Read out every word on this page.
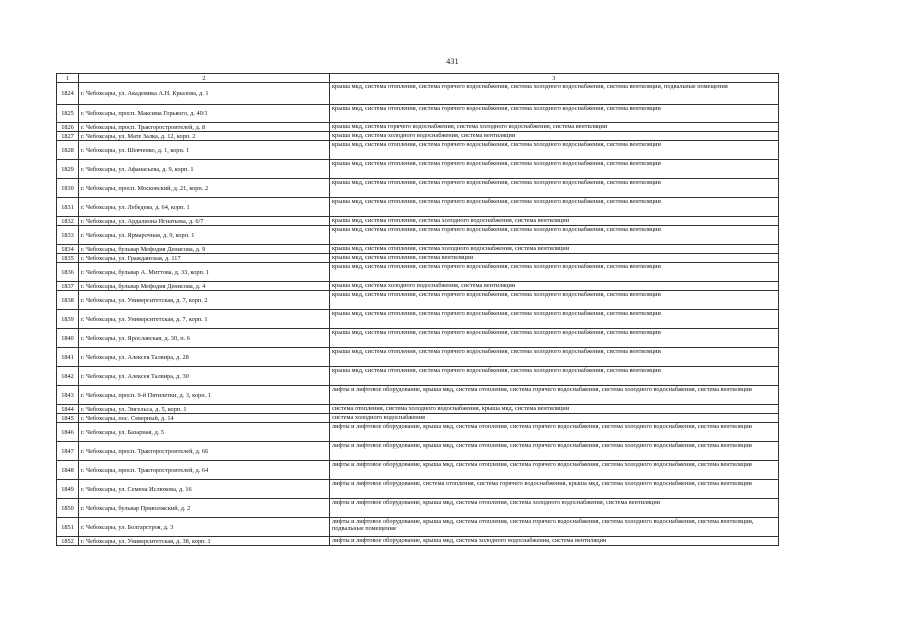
431
1	2	3
1824	г. Чебоксары, ул. Академика А.Н. Крылова, д. 1	крыша мкд, система отопления, система горячего водоснабжения, система холодного водоснабжения, система вентиляции, подвальные помещения
1825	г. Чебоксары, просп. Максима Горького, д. 40/1	крыша мкд, система отопления, система горячего водоснабжения, система холодного водоснабжения, система вентиляции
1826	г. Чебоксары, просп. Тракторостроителей, д. 8	крыша мкд, система горячего водоснабжения, система холодного водоснабжения, система вентиляции
1827	г. Чебоксары, ул. Мате Залка, д. 12, корп. 2	крыша мкд, система холодного водоснабжения, система вентиляции
1828	г. Чебоксары, ул. Шевченко, д. 1, корп. 1	крыша мкд, система отопления, система горячего водоснабжения, система холодного водоснабжения, система вентиляции
1829	г. Чебоксары, ул. Афанасьева, д. 9, корп. 1	крыша мкд, система отопления, система горячего водоснабжения, система холодного водоснабжения, система вентиляции
1830	г. Чебоксары, просп. Московский, д. 21, корп. 2	крыша мкд, система отопления, система горячего водоснабжения, система холодного водоснабжения, система вентиляции
1831	г. Чебоксары, ул. Лебедева, д. 64, корп. 1	крыша мкд, система отопления, система горячего водоснабжения, система холодного водоснабжения, система вентиляции
1832	г. Чебоксары, ул. Ардалиона Игнатьева, д. 6/7	крыша мкд, система отопления, система холодного водоснабжения, система вентиляции
1833	г. Чебоксары, ул. Ярмарочная, д. 9, корп. 1	крыша мкд, система отопления, система горячего водоснабжения, система холодного водоснабжения, система вентиляции
1834	г. Чебоксары, бульвар Мефодия Денисова, д. 9	крыша мкд, система отопления, система холодного водоснабжения, система вентиляции
1835	г. Чебоксары, ул. Гражданская, д. 117	крыша мкд, система отопления, система вентиляции
1836	г. Чебоксары, бульвар А. Миттова, д. 33, корп. 1	крыша мкд, система отопления, система горячего водоснабжения, система холодного водоснабжения, система вентиляции
1837	г. Чебоксары, бульвар Мефодия Денисова, д. 4	крыша мкд, система холодного водоснабжения, система вентиляции
1838	г. Чебоксары, ул. Университетская, д. 7, корп. 2	крыша мкд, система отопления, система горячего водоснабжения, система холодного водоснабжения, система вентиляции
1839	г. Чебоксары, ул. Университетская, д. 7, корп. 1	крыша мкд, система отопления, система горячего водоснабжения, система холодного водоснабжения, система вентиляции
1840	г. Чебоксары, ул. Ярославская, д. 30, п. 6	крыша мкд, система отопления, система горячего водоснабжения, система холодного водоснабжения, система вентиляции
1841	г. Чебоксары, ул. Алексея Талвира, д. 28	крыша мкд, система отопления, система горячего водоснабжения, система холодного водоснабжения, система вентиляции
1842	г. Чебоксары, ул. Алексея Талвира, д. 30	крыша мкд, система отопления, система горячего водоснабжения, система холодного водоснабжения, система вентиляции
1843	г. Чебоксары, просп. 9-й Пятилетки, д. 3, корп. 1	лифты и лифтовое оборудование, крыша мкд, система отопления, система горячего водоснабжения, система холодного водоснабжения, система вентиляции
1844	г. Чебоксары, ул. Энгельса, д. 5, корп. 1	система отопления, система холодного водоснабжения, крыша мкд, система вентиляции
1845	г. Чебоксары, пос. Северный, д. 14	система холодного водоснабжения
1846	г. Чебоксары, ул. Базарная, д. 5	лифты и лифтовое оборудование, крыша мкд, система отопления, система горячего водоснабжения, система холодного водоснабжения, система вентиляции
1847	г. Чебоксары, просп. Тракторостроителей, д. 66	лифты и лифтовое оборудование, крыша мкд, система отопления, система горячего водоснабжения, система холодного водоснабжения, система вентиляции
1848	г. Чебоксары, просп. Тракторостроителей, д. 64	лифты и лифтовое оборудование, крыша мкд, система отопления, система горячего водоснабжения, система холодного водоснабжения, система вентиляции
1849	г. Чебоксары, ул. Семена Ислюкова, д. 16	лифты и лифтовое оборудование, система отопления, система горячего водоснабжения, крыша мкд, система холодного водоснабжения, система вентиляции
1850	г. Чебоксары, бульвар Приволжский, д. 2	лифты и лифтовое оборудование, крыша мкд, система отопления, система холодного водоснабжения, система вентиляции
1851	г. Чебоксары, ул. Болгарстроя, д. 3	лифты и лифтовое оборудование, крыша мкд, система отопления, система горячего водоснабжения, система холодного водоснабжения, система вентиляции, подвальные помещения
1852	г. Чебоксары, ул. Университетская, д. 38, корп. 1	лифты и лифтовое оборудование, крыша мкд, система холодного водоснабжения, система вентиляции
